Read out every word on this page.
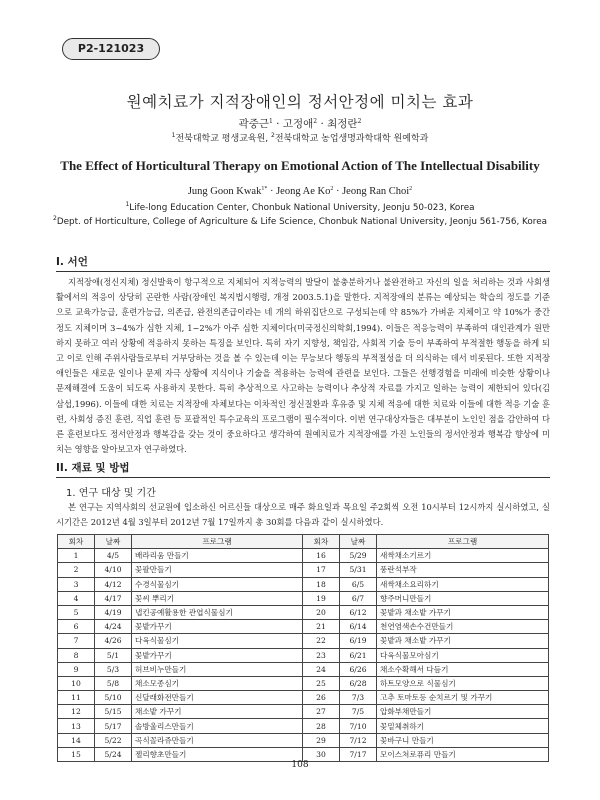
P2-121023
원예치료가 지적장애인의 정서안정에 미치는 효과
곽중근$^1$ · 고정애$^2$ · 최정란$^2$
$^1$전북대학교 평생교육원, $^2$전북대학교 농업생명과학대학 원예학과
The Effect of Horticultural Therapy on Emotional Action of The Intellectual Disability
Jung Goon Kwak$^{1*}$ · Jeong Ae $Ko^2$ · Jeong Ran Choi$^2$
$^1$Life-long Education Center, Chonbuk National University, Jeonju 50-023, Korea
$^2$Dept. of Horticulture, College of Agriculture & Life Science, Chonbuk National University, Jeonju 561-756, Korea
I. 서언
지적장애(정신지체) 정신발육이 항구적으로 지체되어 지적능력의 발달이 불충분하거나 불완전하고 자신의 일을 처리하는 것과 사회생활에서의 적응이 상당히 곤란한 사람(장애인 복지법시행령, 개정 2003.5.1)을 말한다. 지적장애의 분류는 예상되는 학습의 정도를 기준으로 교육가능급, 훈련가능급, 의존급, 완전의존급이라는 네 개의 하위집단으로 구성되는데 약 85%가 가벼운 지체이고 약 10%가 중간 정도 지체이며 3~4%가 심한 지체, 1~2%가 아주 심한 지체이다(미국정신의학회,1994). 이들은 적응능력이 부족하여 대인관계가 원만하지 못하고 여러 상황에 적응하지 못하는 특징을 보인다. 특히 자기 지향성, 책임감, 사회적 기술 등이 부족하여 부적절한 행동을 하게 되고 이로 인해 주위사람들로부터 거부당하는 것을 볼 수 있는데 이는 무능보다 행동의 부적절성을 더 의식하는 데서 비롯된다. 또한 지적장애인들은 새로운 일이나 문제 자극 상황에 지식이나 기술을 적용하는 능력에 관련을 보인다. 그들은 선행경험을 미래에 비슷한 상황이나 문제해결에 도움이 되도록 사용하지 못한다. 특히 추상적으로 사고하는 능력이나 추상적 자료를 가지고 일하는 능력이 제한되어 있다(김삼섭,1996). 이들에 대한 치료는 지적장애 자체보다는 이차적인 정신질환과 후유증 및 지체 적응에 대한 치료와 이들에 대한 적응 기술 훈련, 사회성 증진 훈련, 직업 훈련 등 포괄적인 특수교육의 프로그램이 필수적이다. 이번 연구대상자들은 대부분이 노인인 점을 감안하여 다른 훈련보다도 정서안정과 행복감을 갖는 것이 중요하다고 생각하여 원예치료가 지적장애를 가진 노인들의 정서안정과 행복감 향상에 미치는 영향을 알아보고자 연구하였다.
II. 재료 및 방법
1. 연구 대상 및 기간
본 연구는 지역사회의 선교원에 입소하신 어르신들 대상으로 매주 화요일과 목요일 주2회씩 오전 10시부터 12시까지 실시하였고, 실시기간은 2012년 4월 3일부터 2012년 7월 17일까지 총 30회를 다음과 같이 실시하였다.
회차	날짜	프로그램	회차	날짜	프로그램
1	4/5	배라리움 만들기	16	5/29	새싹채소기르기
2	4/10	꽃팔만들기	17	5/31	풍란석부작
3	4/12	수경식물심기	18	6/5	새싹채소요리하기
4	4/17	꽃씨 뿌리기	19	6/7	향주머니만들기
5	4/19	냅킨공예활용한 관엽식물심기	20	6/12	꽃밭과 채소밭 가꾸기
6	4/24	꽃밭가꾸기	21	6/14	천연염색손수건만들기
7	4/26	다육식물심기	22	6/19	꽃밭과 채소밭 가꾸기
8	5/1	꽃밭가꾸기	23	6/21	다육식물모아심기
9	5/3	허브비누만들기	24	6/26	채소수확해서 다듬기
10	5/8	채소모종심기	25	6/28	하트모양으로 식물심기
11	5/10	신달래화전만들기	26	7/3	고추 토마토등 순치르기 및 가꾸기
12	5/15	채소밭 가꾸기	27	7/5	압화부채만들기
13	5/17	솔방울리스만들기	28	7/10	꽃밑체취하기
14	5/22	곡식꼴라쥬만들기	29	7/12	꽃바구니 만들기
15	5/24	젤리향초만들기	30	7/17	모이스쳐로퓨리 만들기
108
